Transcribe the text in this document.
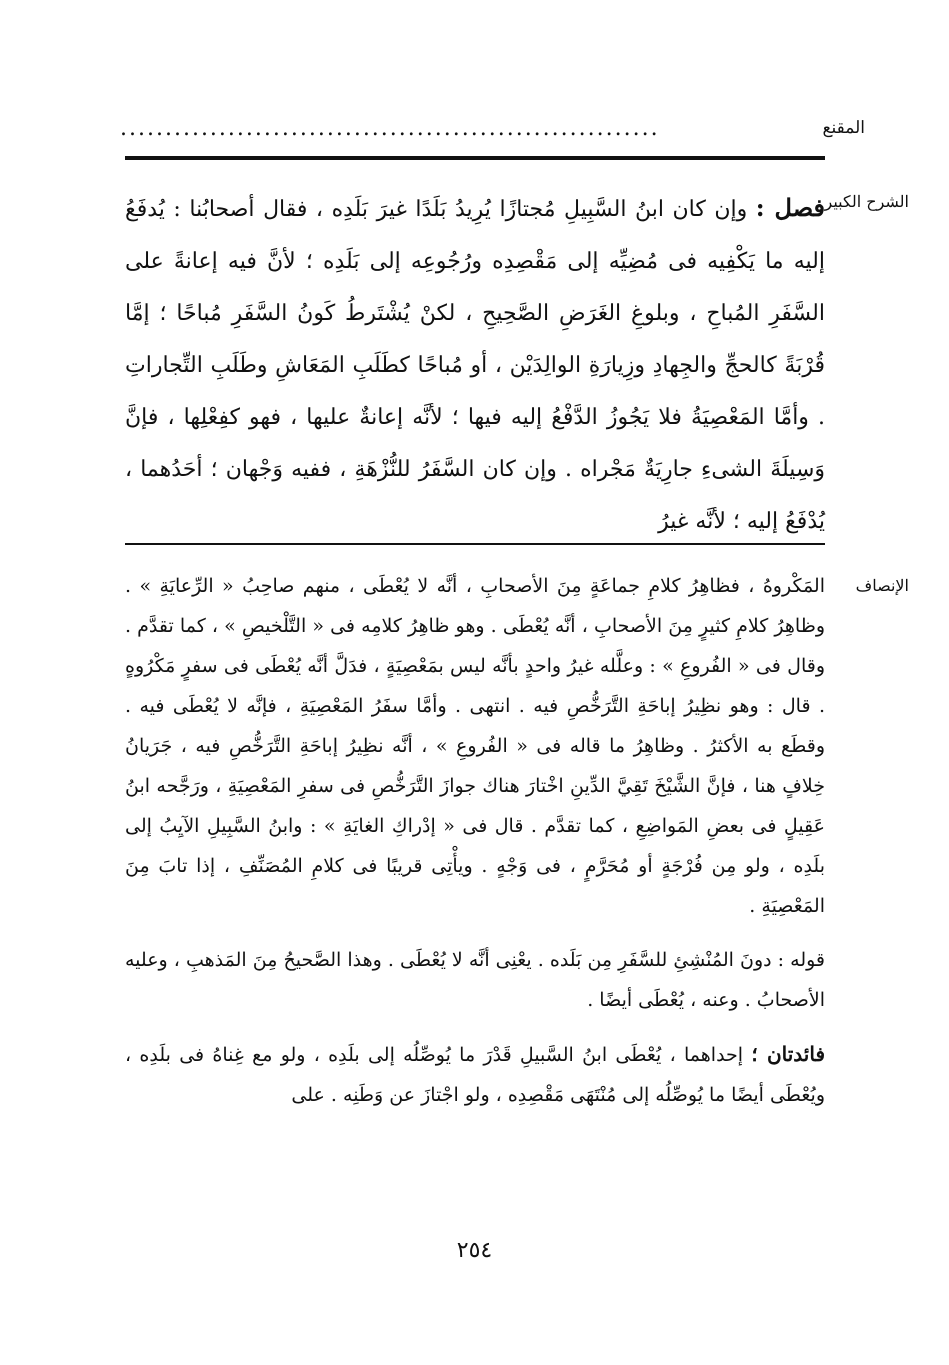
المقنع
............................................................
الشرح الكبير

فصل : وإن كان ابنُ السَّبِيلِ مُجتازًا يُرِيدُ بَلَدًا غيرَ بَلَدِه ، فقال أصحابُنا : يُدفَعُ إليه ما يَكْفِيه فى مُضِيِّه إلى مَقْصِدِه ورُجُوعِه إلى بَلَدِه ؛ لأنَّ فيه إعانةً على السَّفَرِ المُباحِ ، وبلوغِ الغَرَضِ الصَّحِيحِ ، لكنْ يُشْتَرطُ كَونُ السَّفَرِ مُباحًا ؛ إمَّا قُرْبَةً كالحجِّ والجِهادِ وزِيارَةِ الوالِدَيْن ، أو مُباحًا كطَلَبِ المَعَاشِ وطَلَبِ التِّجاراتِ . وأمَّا المَعْصِيَةُ فلا يَجُوزُ الدَّفْعُ إليه فيها ؛ لأنَّه إعانةٌ عليها ، فهو كفِعْلِها ، فإنَّ وَسِيلَةَ الشىءِ جارِيَةٌ مَجْراه . وإن كان السَّفَرُ للنُّزْهَةِ ، ففيه وَجْهان ؛ أحَدُهما ، يُدْفَعُ إليه ؛ لأنَّه غيرُ

الإنصاف

المَكْروهُ ، فظاهِرُ كلامِ جماعَةٍ مِنَ الأصحابِ ، أنَّه لا يُعْطَى ، منهم صاحِبُ « الرِّعايَةِ » . وظاهِرُ كلامِ كثيرٍ مِنَ الأصحابِ ، أنَّه يُعْطَى . وهو ظاهِرُ كلامِه فى « التَّلْخيصِ » ، كما تقدَّم . وقال فى « الفُروعِ » : وعلَّله غيرُ واحدٍ بأنَّه ليس بمَعْصِيَةٍ ، فدَلَّ أنَّه يُعْطَى فى سفرٍ مَكْرُوهٍ . قال : وهو نظِيرُ إباحَةِ التَّرَخُّصِ فيه . انتهى . وأمَّا سفَرُ المَعْصِيَةِ ، فإنَّه لا يُعْطَى فيه . وقطَع به الأكثرُ . وظاهِرُ ما قاله فى « الفُروعِ » ، أنَّه نظِيرُ إباحَةِ التَّرَخُّصِ فيه ، جَرَيانُ خِلافٍ هنا ، فإنَّ الشَّيْخَ تَقِيَّ الدِّينِ اخْتارَ هناك جوازَ التَّرَخُّصِ فى سفرِ المَعْصِيَةِ ، ورَجَّحه ابنُ عَقِيلٍ فى بعضِ المَواضِعِ ، كما تقدَّم . قال فى « إدْراكِ الغايَةِ » : وابنُ السَّبِيلِ الآيِبُ إلى بلَدِه ، ولو مِن فُرْجَةٍ أو مُحَرَّمٍ ، فى وَجْهٍ . ويأْتِى قريبًا فى كلامِ المُصَنِّفِ ، إذا تابَ مِنَ المَعْصِيَةِ .

قوله : دونَ المُنْشِئِ للسَّفَرِ مِن بَلَده . يعْنِى أنَّه لا يُعْطَى . وهذا الصَّحيحُ مِنَ المَذهبِ ، وعليه الأصحابُ . وعنه ، يُعْطَى أيضًا .

فائدتان ؛ إحداهما ، يُعْطَى ابنُ السَّبيلِ قَدْرَ ما يُوصِّلُه إلى بلَدِه ، ولو مع غِناهُ فى بلَدِه ، ويُعْطَى أيضًا ما يُوصِّلُه إلى مُنْتَهَى مَقْصِدِه ، ولو اجْتازَ عن وَطَنِه . على

٢٥٤
